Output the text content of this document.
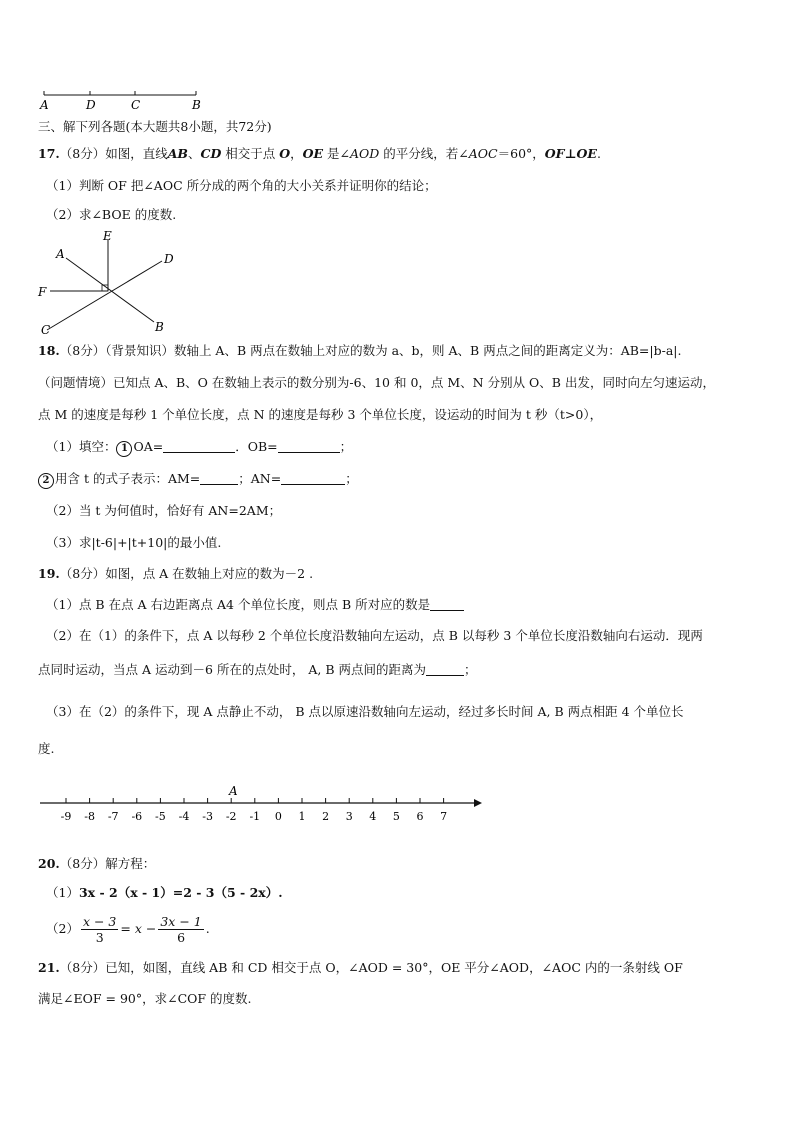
A	D	C	B
三、解下列各题(本大题共8小题，共72分)
17.（8分）如图，直线AB、CD 相交于点 O，OE 是∠AOD 的平分线，若∠AOC＝60°，OF⊥OE.
（1）判断 OF 把∠AOC 所分成的两个角的大小关系并证明你的结论；
（2）求∠BOE 的度数.
A
E
D
F
C	B
18.（8分）（背景知识）数轴上 A、B 两点在数轴上对应的数为 a、b，则 A、B 两点之间的距离定义为：AB=|b-a|.
（问题情境）已知点 A、B、O 在数轴上表示的数分别为-6、10 和 0，点 M、N 分别从 O、B 出发，同时向左匀速运动，
点 M 的速度是每秒 1 个单位长度，点 N 的速度是每秒 3 个单位长度，设运动的时间为 t 秒（t>0），
（1）填空： 1 OA=	．OB=	；
2 用含 t 的式子表示：AM=	；AN=	；
（2）当 t 为何值时，恰好有 AN=2AM；
（3）求|t-6|+|t+10|的最小值.
19.（8分）如图，点 A 在数轴上对应的数为－2 .
（1）点 B 在点 A 右边距离点 A4 个单位长度，则点 B 所对应的数是
（2）在（1）的条件下，点 A 以每秒 2 个单位长度沿数轴向左运动，点 B 以每秒 3 个单位长度沿数轴向右运动．现两
点同时运动，当点 A 运动到－6 所在的点处时， A, B 两点间的距离为	；
（3）在（2）的条件下，现 A 点静止不动， B 点以原速沿数轴向左运动，经过多长时间 A, B 两点相距 4 个单位长
度.
-9 -8 -7 -6 -5 -4 -3 -2 -1 0 1 2 3 4 5 6 7
A
20.（8分）解方程：
（1）3x - 2（x - 1）=2 - 3（5 - 2x）.
$(2) \frac{x - 3}{3} = x - \frac{3x - 1}{6}$ .
21.（8分）已知，如图，直线 AB 和 CD 相交于点 O，∠AOD = 30°，OE 平分∠AOD，∠AOC 内的一条射线 OF
满足∠EOF = 90°，求∠COF 的度数.
